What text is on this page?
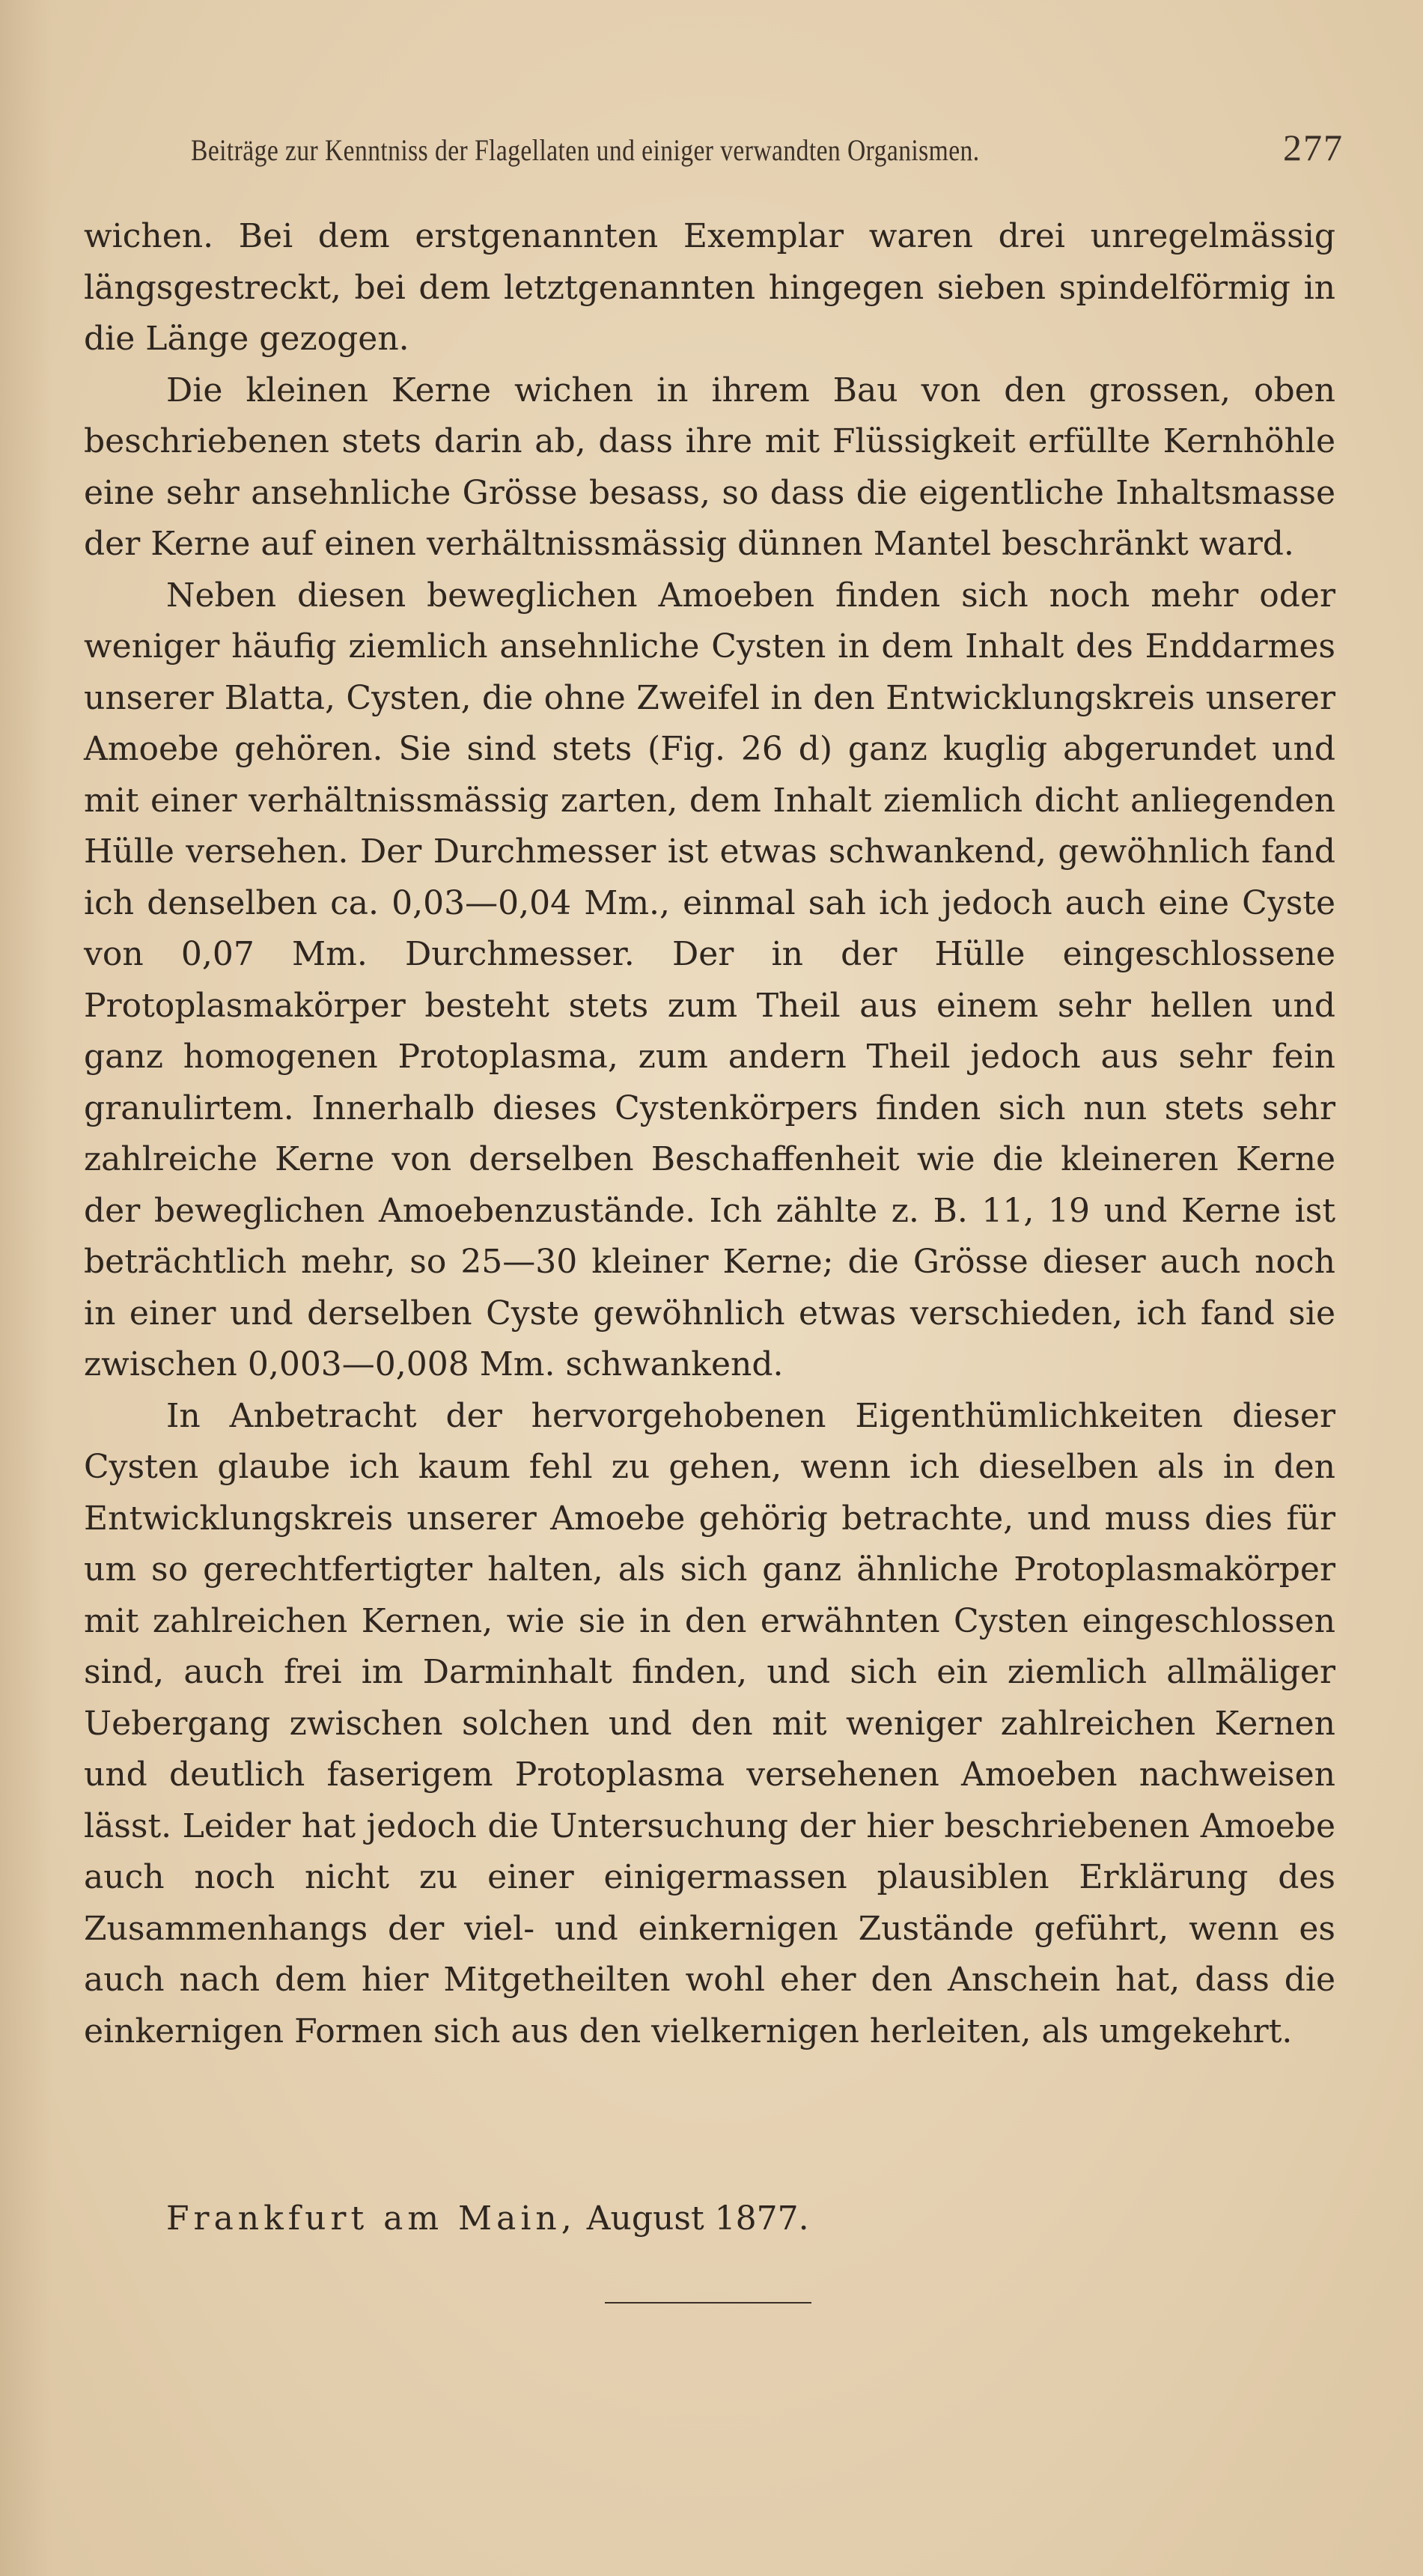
Beiträge zur Kenntniss der Flagellaten und einiger verwandten Organismen.	277

wichen. Bei dem erstgenannten Exemplar waren drei unregelmässig längsgestreckt, bei dem letztgenannten hingegen sieben spindelförmig in die Länge gezogen.

Die kleinen Kerne wichen in ihrem Bau von den grossen, oben beschriebenen stets darin ab, dass ihre mit Flüssigkeit erfüllte Kernhöhle eine sehr ansehnliche Grösse besass, so dass die eigentliche Inhaltsmasse der Kerne auf einen verhältnissmässig dünnen Mantel beschränkt ward.

Neben diesen beweglichen Amoeben finden sich noch mehr oder weniger häufig ziemlich ansehnliche Cysten in dem Inhalt des Enddarmes unserer Blatta, Cysten, die ohne Zweifel in den Entwicklungskreis unserer Amoebe gehören. Sie sind stets (Fig. 26 d) ganz kuglig abgerundet und mit einer verhältnissmässig zarten, dem Inhalt ziemlich dicht anliegenden Hülle versehen. Der Durchmesser ist etwas schwankend, gewöhnlich fand ich denselben ca. 0,03—0,04 Mm., einmal sah ich jedoch auch eine Cyste von 0,07 Mm. Durchmesser. Der in der Hülle eingeschlossene Protoplasmakörper besteht stets zum Theil aus einem sehr hellen und ganz homogenen Protoplasma, zum andern Theil jedoch aus sehr fein granulirtem. Innerhalb dieses Cystenkörpers finden sich nun stets sehr zahlreiche Kerne von derselben Beschaffenheit wie die kleineren Kerne der beweglichen Amoebenzustände. Ich zählte z. B. 11, 19 und Kerne ist beträchtlich mehr, so 25—30 kleiner Kerne; die Grösse dieser auch noch in einer und derselben Cyste gewöhnlich etwas verschieden, ich fand sie zwischen 0,003—0,008 Mm. schwankend.

In Anbetracht der hervorgehobenen Eigenthümlichkeiten dieser Cysten glaube ich kaum fehl zu gehen, wenn ich dieselben als in den Entwicklungskreis unserer Amoebe gehörig betrachte, und muss dies für um so gerechtfertigter halten, als sich ganz ähnliche Protoplasmakörper mit zahlreichen Kernen, wie sie in den erwähnten Cysten eingeschlossen sind, auch frei im Darminhalt finden, und sich ein ziemlich allmäliger Uebergang zwischen solchen und den mit weniger zahlreichen Kernen und deutlich faserigem Protoplasma versehenen Amoeben nachweisen lässt. Leider hat jedoch die Untersuchung der hier beschriebenen Amoebe auch noch nicht zu einer einigermassen plausiblen Erklärung des Zusammenhangs der viel- und einkernigen Zustände geführt, wenn es auch nach dem hier Mitgetheilten wohl eher den Anschein hat, dass die einkernigen Formen sich aus den vielkernigen herleiten, als umgekehrt.

Frankfurt am Main, August 1877.
